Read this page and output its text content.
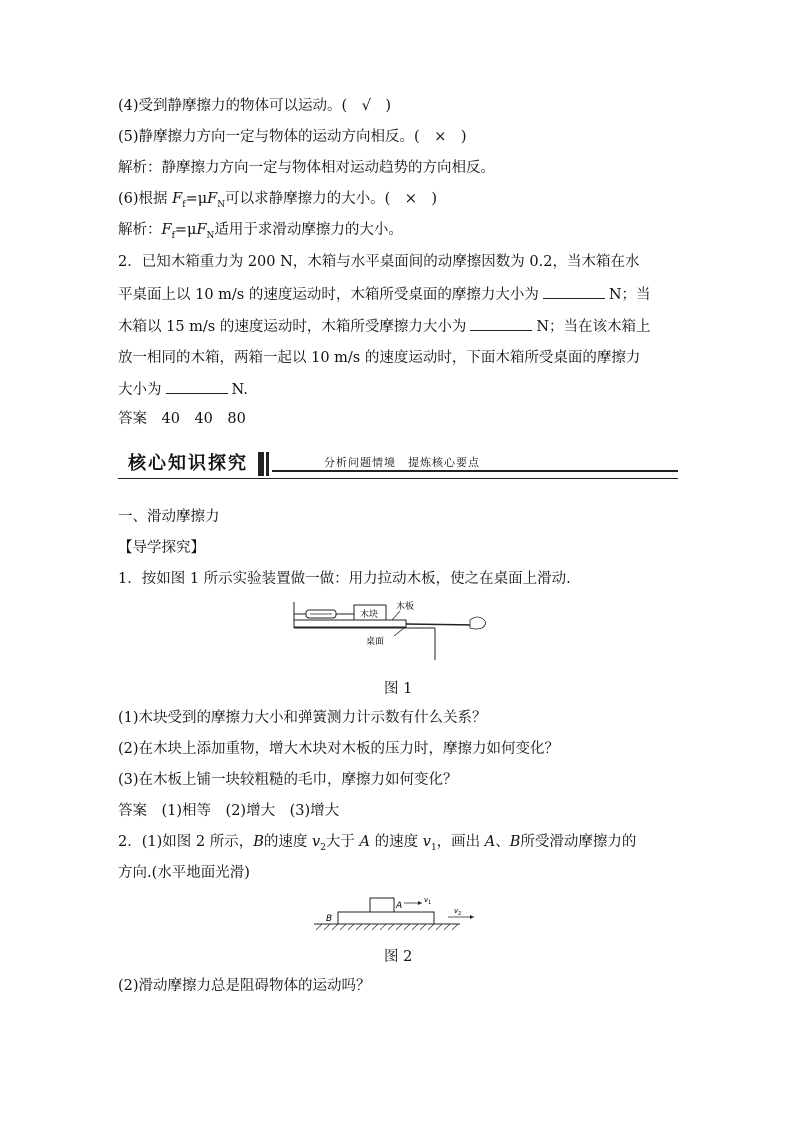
(4)受到静摩擦力的物体可以运动。(　√　)
(5)静摩擦力方向一定与物体的运动方向相反。(　×　)
解析：静摩擦力方向一定与物体相对运动趋势的方向相反。
(6)根据 $F_f=\mu F_N$可以求静摩擦力的大小。(　×　)
解析：$F_f=\mu F_N$适用于求滑动摩擦力的大小。
2．已知木箱重力为 200 N，木箱与水平桌面间的动摩擦因数为 0.2，当木箱在水
平桌面上以 10 m/s 的速度运动时，木箱所受桌面的摩擦力大小为	N；当
木箱以 15 m/s 的速度运动时，木箱所受摩擦力大小为	N；当在该木箱上
放一相同的木箱，两箱一起以 10 m/s 的速度运动时，下面木箱所受桌面的摩擦力
大小为	N.
答案　40　40　80
核心知识探究	分析问题情境　提炼核心要点
一、滑动摩擦力
【导学探究】
1．按如图 1 所示实验装置做一做：用力拉动木板，使之在桌面上滑动.
木块
木板
桌面
图 1
(1)木块受到的摩擦力大小和弹簧测力计示数有什么关系？
(2)在木块上添加重物，增大木块对木板的压力时，摩擦力如何变化？
(3)在木板上铺一块较粗糙的毛巾，摩擦力如何变化？
答案　(1)相等　(2)增大　(3)增大
2．(1)如图 2 所示，B的速度 $v_2$大于 A 的速度 $v_1$，画出 A、B所受滑动摩擦力的
方向.(水平地面光滑)
B
A
v 1
v 2
图 2
(2)滑动摩擦力总是阻碍物体的运动吗？
